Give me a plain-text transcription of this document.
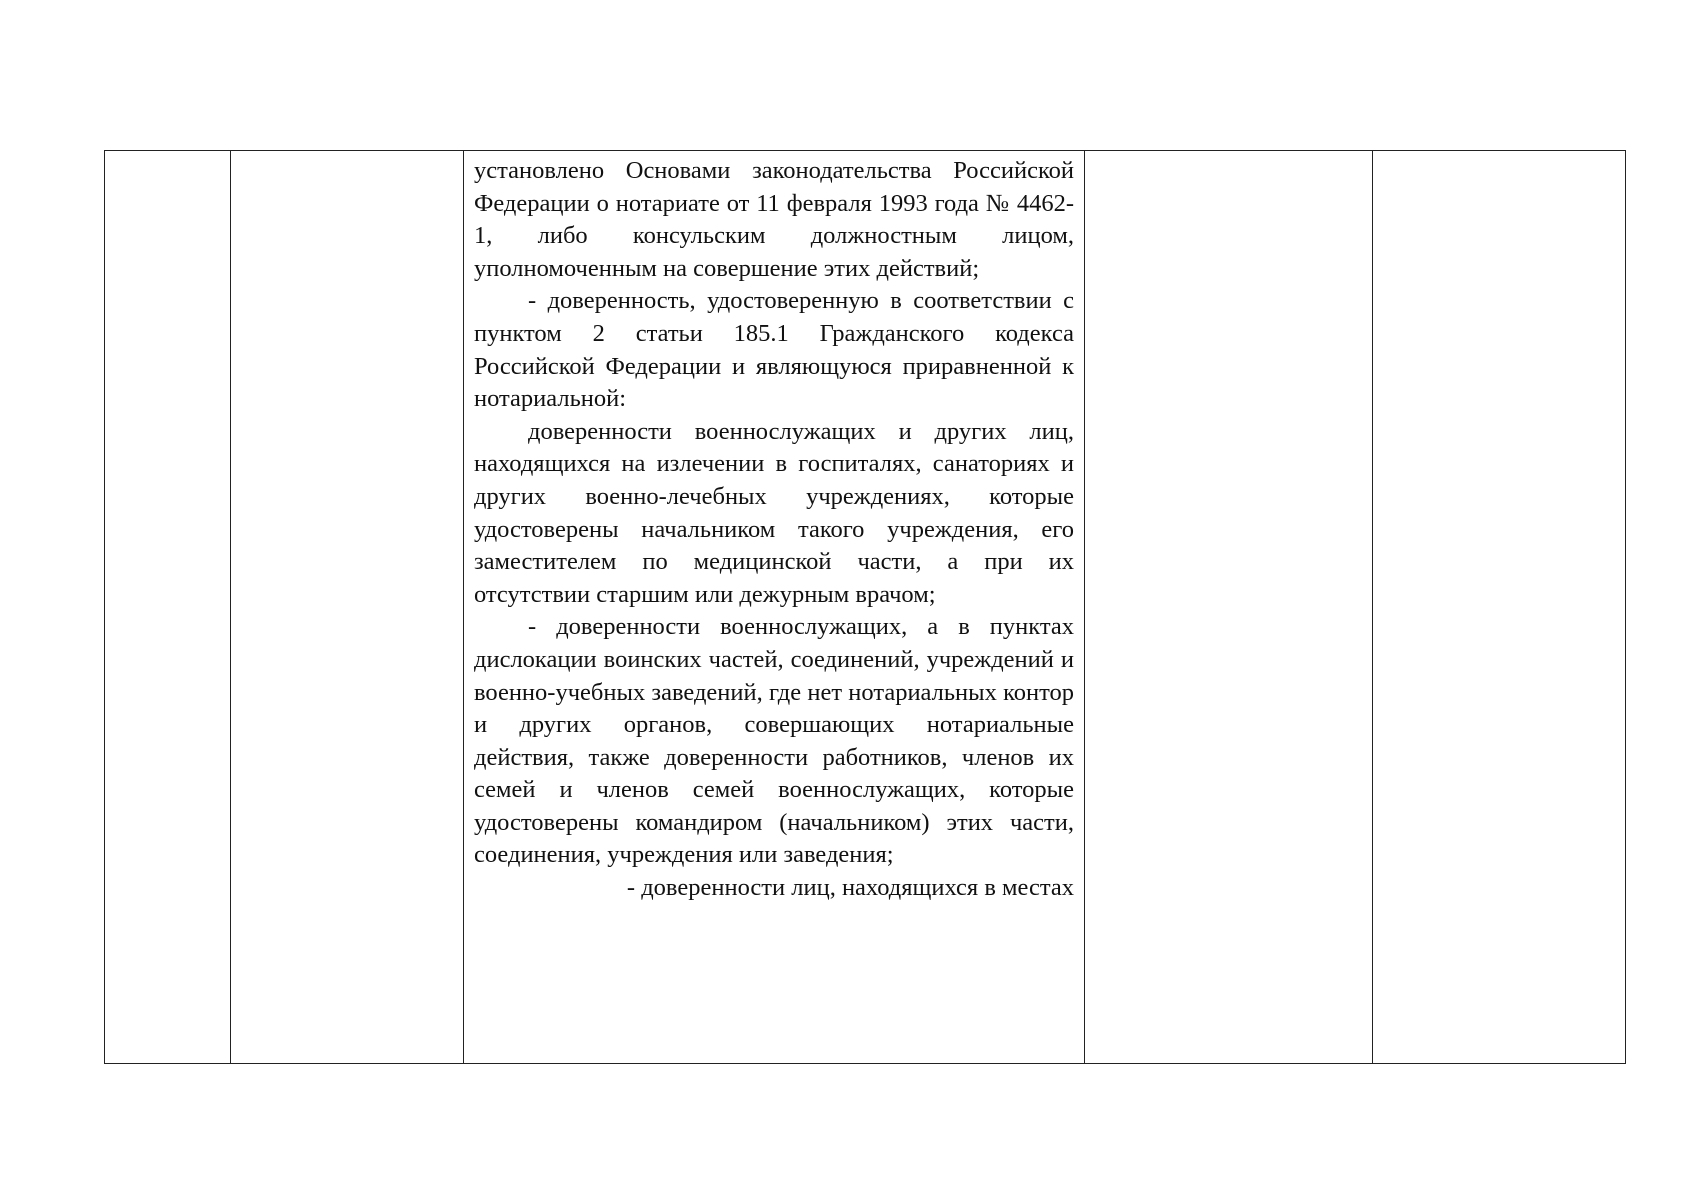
установлено Основами законодательства Российской Федерации о нотариате от 11 февраля 1993 года № 4462-1, либо консульским должностным лицом, уполномоченным на совершение этих действий;

- доверенность, удостоверенную в соответствии с пунктом 2 статьи 185.1 Гражданского кодекса Российской Федерации и являющуюся приравненной к нотариальной:

доверенности военнослужащих и других лиц, находящихся на излечении в госпиталях, санаториях и других военно-лечебных учреждениях, которые удостоверены начальником такого учреждения, его заместителем по медицинской части, а при их отсутствии старшим или дежурным врачом;

- доверенности военнослужащих, а в пунктах дислокации воинских частей, соединений, учреждений и военно-учебных заведений, где нет нотариальных контор и других органов, совершающих нотариальные действия, также доверенности работников, членов их семей и членов семей военнослужащих, которые удостоверены командиром (начальником) этих части, соединения, учреждения или заведения;

- доверенности лиц, находящихся в местах
